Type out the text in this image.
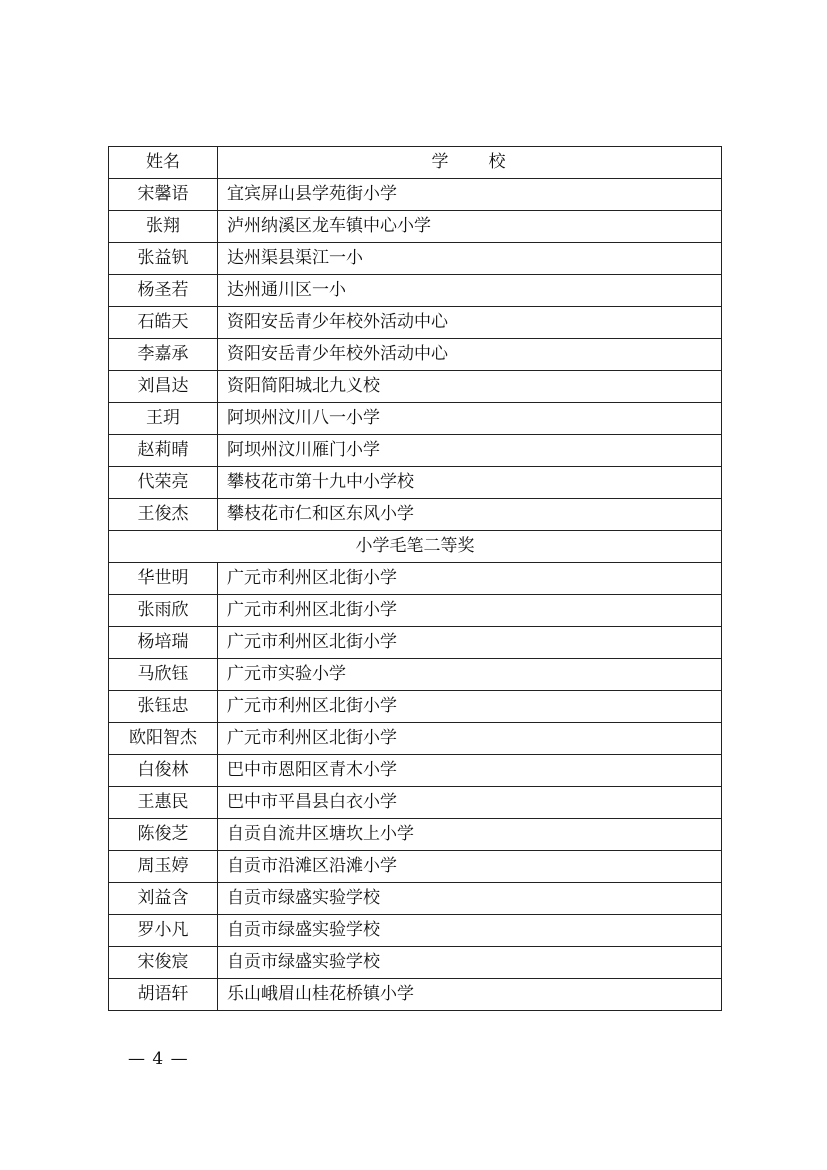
姓名	学　　校
宋馨语	宜宾屏山县学苑街小学
张翔	泸州纳溪区龙车镇中心小学
张益钒	达州渠县渠江一小
杨圣若	达州通川区一小
石皓天	资阳安岳青少年校外活动中心
李嘉承	资阳安岳青少年校外活动中心
刘昌达	资阳简阳城北九义校
王玥	阿坝州汶川八一小学
赵莉晴	阿坝州汶川雁门小学
代荣亮	攀枝花市第十九中小学校
王俊杰	攀枝花市仁和区东风小学
小学毛笔二等奖	
华世明	广元市利州区北街小学
张雨欣	广元市利州区北街小学
杨培瑞	广元市利州区北街小学
马欣钰	广元市实验小学
张钰忠	广元市利州区北街小学
欧阳智杰	广元市利州区北街小学
白俊林	巴中市恩阳区青木小学
王惠民	巴中市平昌县白衣小学
陈俊芝	自贡自流井区塘坎上小学
周玉婷	自贡市沿滩区沿滩小学
刘益含	自贡市绿盛实验学校
罗小凡	自贡市绿盛实验学校
宋俊宸	自贡市绿盛实验学校
胡语轩	乐山峨眉山桂花桥镇小学
— 4 —
